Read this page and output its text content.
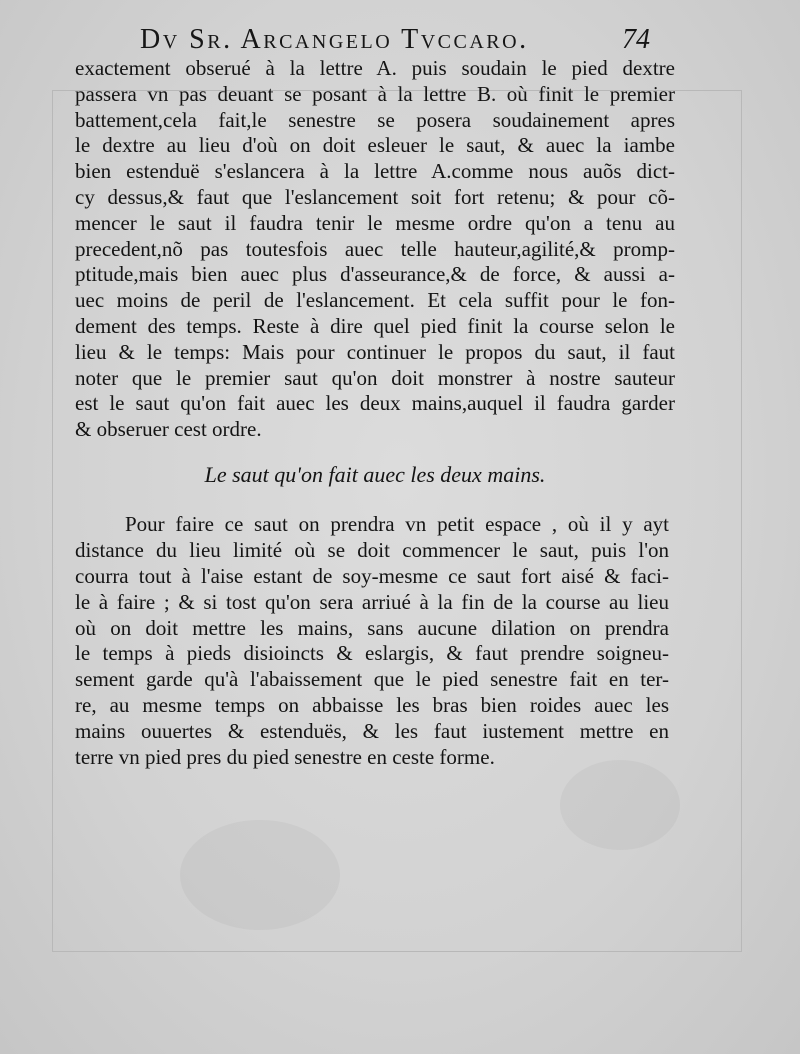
Dv Sr. Arcangelo Tvccaro.	74
exactement obserué à la lettre A. puis soudain le pied dextre
passera vn pas deuant se posant à la lettre B. où finit le premier
battement,cela fait,le senestre se posera soudainement apres
le dextre au lieu d'où on doit esleuer le saut, & auec la iambe
bien estenduë s'eslancera à la lettre A.comme nous auõs dict-
cy dessus,& faut que l'eslancement soit fort retenu; & pour cõ-
mencer le saut il faudra tenir le mesme ordre qu'on a tenu au
precedent,nõ pas toutesfois auec telle hauteur,agilité,& promp-
ptitude,mais bien auec plus d'asseurance,& de force, & aussi a-
uec moins de peril de l'eslancement. Et cela suffit pour le fon-
dement des temps. Reste à dire quel pied finit la course selon le
lieu & le temps: Mais pour continuer le propos du saut, il faut
noter que le premier saut qu'on doit monstrer à nostre sauteur
est le saut qu'on fait auec les deux mains,auquel il faudra garder
& obseruer cest ordre.
Le saut qu'on fait auec les deux mains.
Pour faire ce saut on prendra vn petit espace , où il y ayt
distance du lieu limité où se doit commencer le saut, puis l'on
courra tout à l'aise estant de soy-mesme ce saut fort aisé & faci-
le à faire ; & si tost qu'on sera arriué à la fin de la course au lieu
où on doit mettre les mains, sans aucune dilation on prendra
le temps à pieds disioincts & eslargis, & faut prendre soigneu-
sement garde qu'à l'abaissement que le pied senestre fait en ter-
re, au mesme temps on abbaisse les bras bien roides auec les
mains ouuertes & estenduës, & les faut iustement mettre en
terre vn pied pres du pied senestre en ceste forme.
